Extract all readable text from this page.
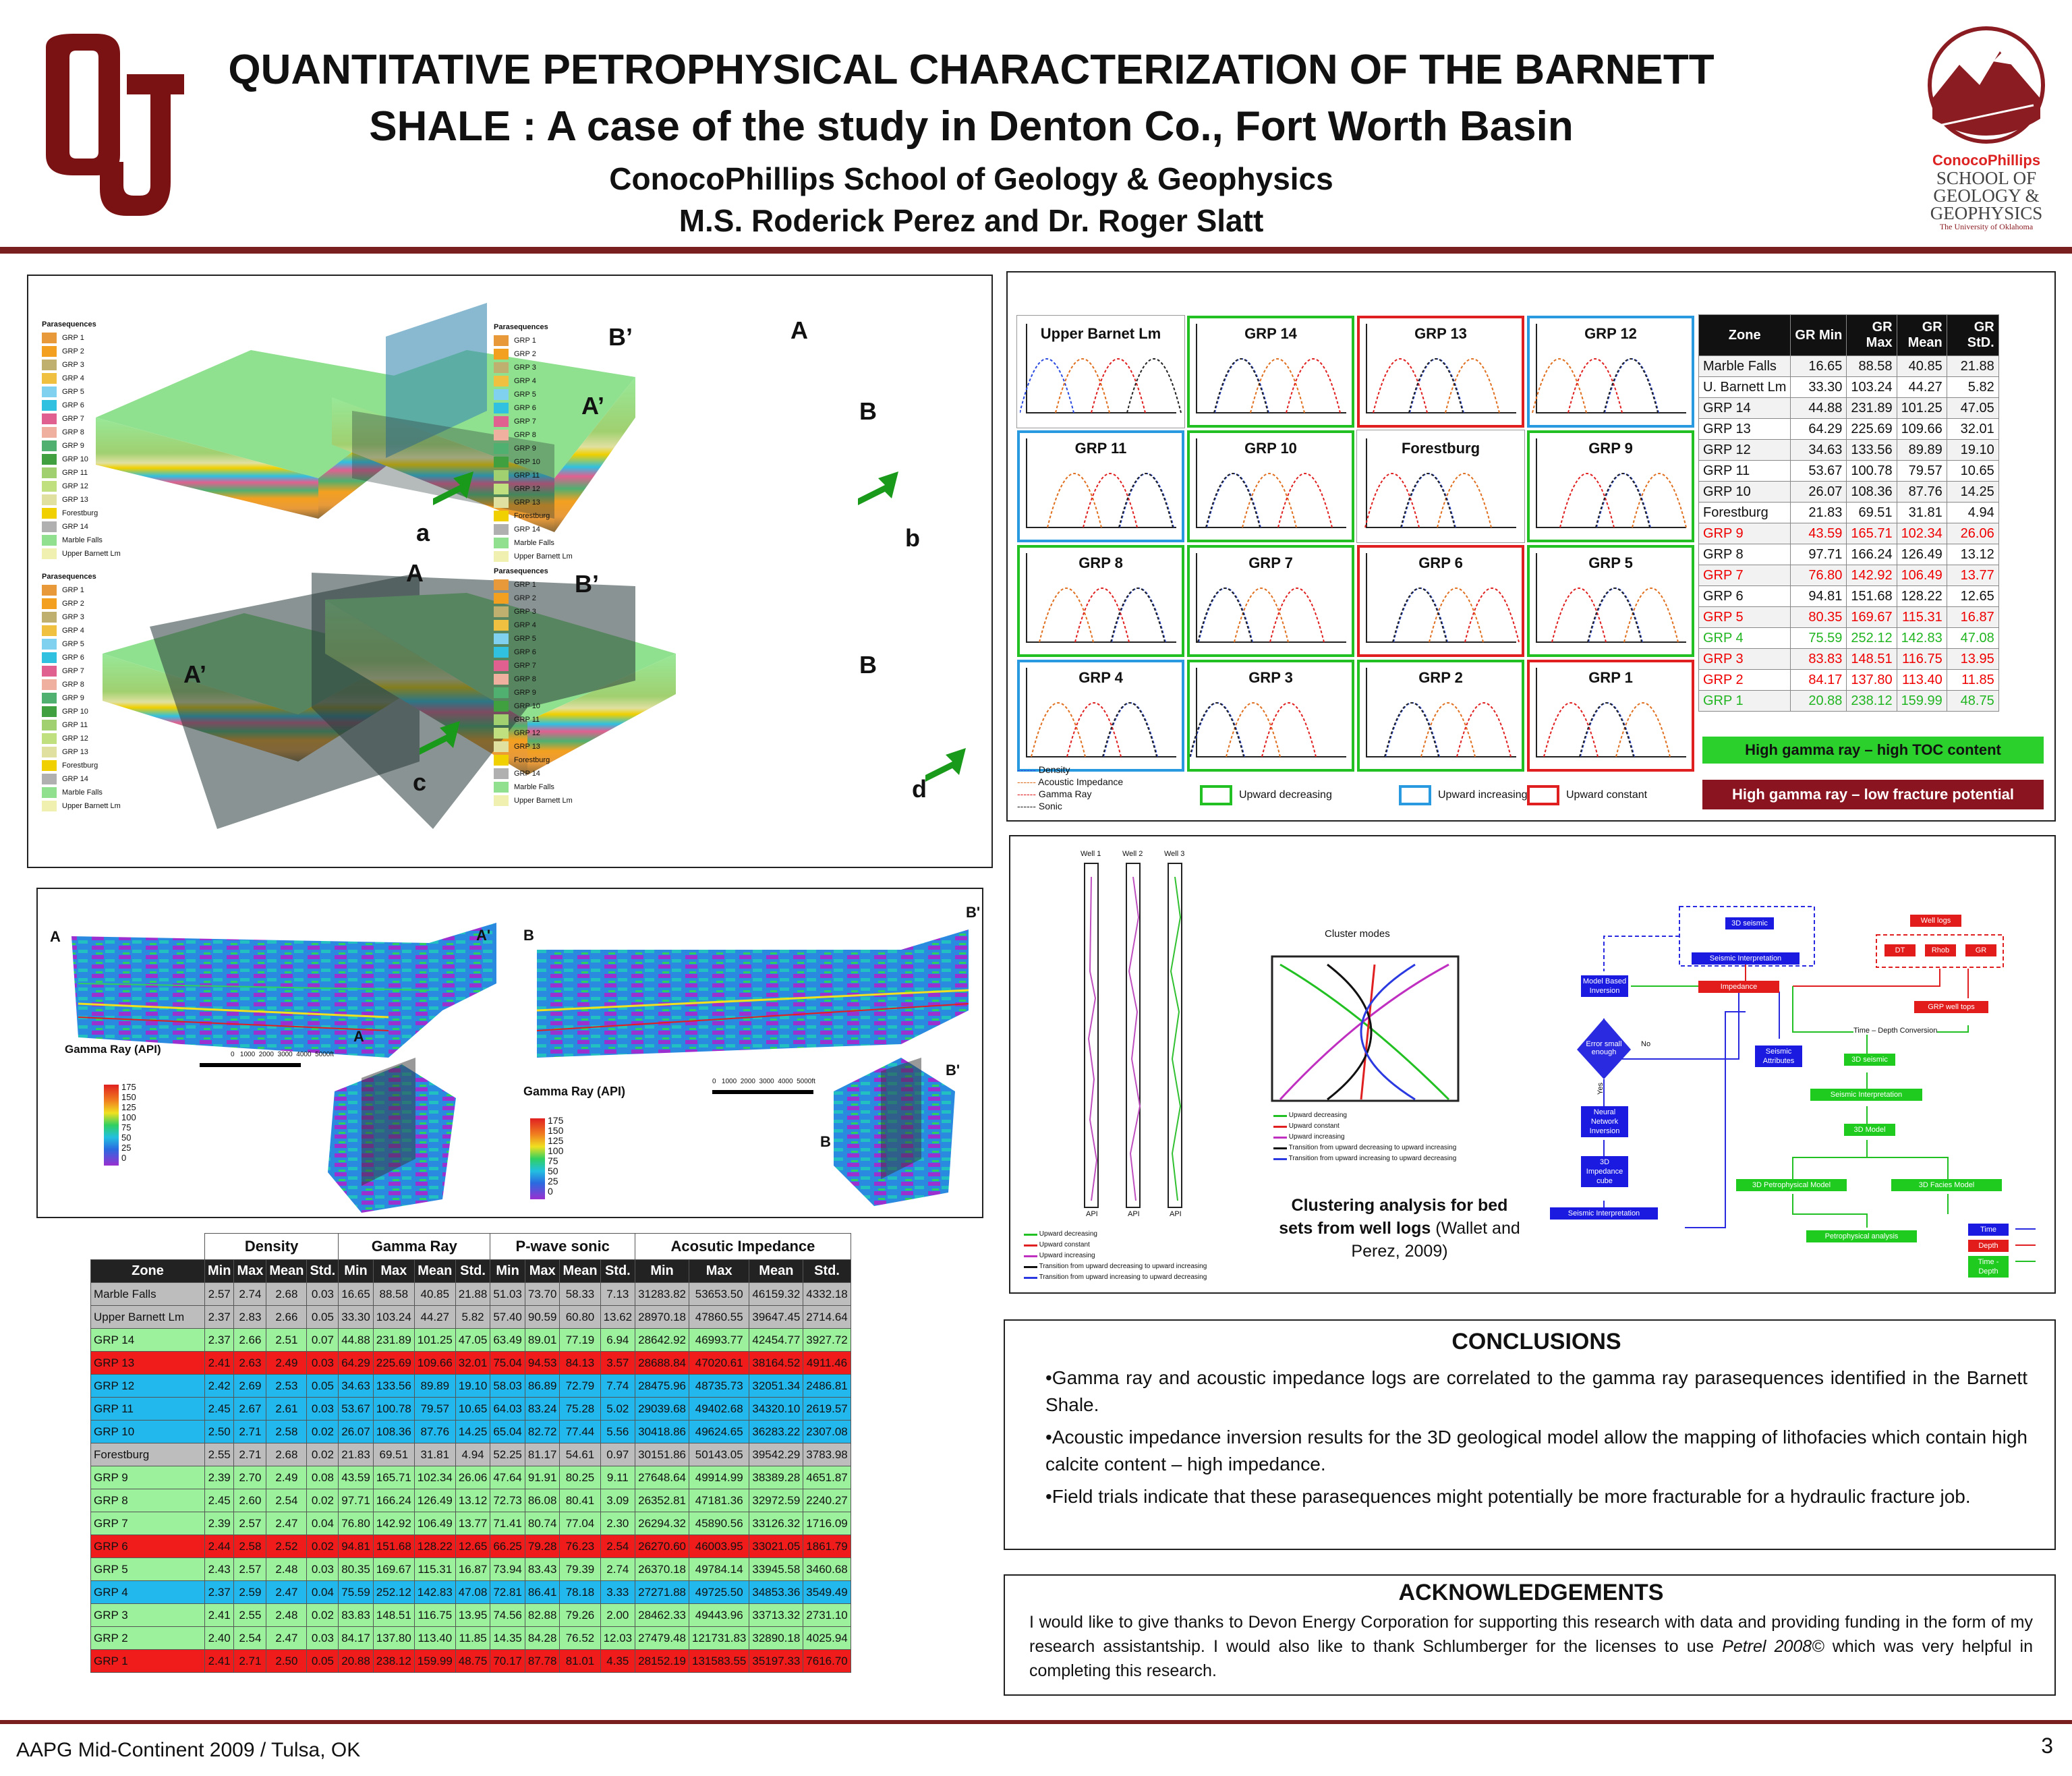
QUANTITATIVE PETROPHYSICAL CHARACTERIZATION OF THE BARNETT SHALE : A case of the study in Denton Co., Fort Worth Basin
ConocoPhillips School of Geology & Geophysics
M.S. Roderick Perez and Dr. Roger Slatt
ConocoPhillips
SCHOOL OF
GEOLOGY &
GEOPHYSICS
The University of Oklahoma
Parasequences
GRP 1
GRP 2
GRP 3
GRP 4
GRP 5
GRP 6
GRP 7
GRP 8
GRP 9
GRP 10
GRP 11
GRP 12
GRP 13
Forestburg
GRP 14
Marble Falls
Upper Barnett Lm
Parasequences
GRP 1
GRP 2
GRP 3
GRP 4
GRP 5
GRP 6
GRP 7
GRP 8
GRP 9
GRP 10
GRP 11
GRP 12
GRP 13
Forestburg
GRP 14
Marble Falls
Upper Barnett Lm
Parasequences
GRP 1
GRP 2
GRP 3
GRP 4
GRP 5
GRP 6
GRP 7
GRP 8
GRP 9
GRP 10
GRP 11
GRP 12
GRP 13
Forestburg
GRP 14
Marble Falls
Upper Barnett Lm
Parasequences
GRP 1
GRP 2
GRP 3
GRP 4
GRP 5
GRP 6
GRP 7
GRP 8
GRP 9
GRP 10
GRP 11
GRP 12
GRP 13
Forestburg
GRP 14
Marble Falls
Upper Barnett Lm
a	b
c	d
B’	A
A’	B
A
A’
B’
B
A	A'
A
B
B'
B'
B
Gamma Ray (API)
Gamma Ray (API)
175
150
125
100
75
50
25
0
175
150
125
100
75
50
25
0
0   1000  2000  3000  4000  5000ft
0   1000  2000  3000  4000  5000ft
	Density				Gamma Ray				P-wave sonic				Acosutic Impedance			
Zone	Min	Max	Mean	Std.	Min	Max	Mean	Std.	Min	Max	Mean	Std.	Min	Max	Mean	Std.
Marble Falls	2.57	2.74	2.68	0.03	16.65	88.58	40.85	21.88	51.03	73.70	58.33	7.13	31283.82	53653.50	46159.32	4332.18
Upper Barnett Lm	2.37	2.83	2.66	0.05	33.30	103.24	44.27	5.82	57.40	90.59	60.80	13.62	28970.18	47860.55	39647.45	2714.64
GRP 14	2.37	2.66	2.51	0.07	44.88	231.89	101.25	47.05	63.49	89.01	77.19	6.94	28642.92	46993.77	42454.77	3927.72
GRP 13	2.41	2.63	2.49	0.03	64.29	225.69	109.66	32.01	75.04	94.53	84.13	3.57	28688.84	47020.61	38164.52	4911.46
GRP 12	2.42	2.69	2.53	0.05	34.63	133.56	89.89	19.10	58.03	86.89	72.79	7.74	28475.96	48735.73	32051.34	2486.81
GRP 11	2.45	2.67	2.61	0.03	53.67	100.78	79.57	10.65	64.03	83.24	75.28	5.02	29039.68	49402.68	34320.10	2619.57
GRP 10	2.50	2.71	2.58	0.02	26.07	108.36	87.76	14.25	65.04	82.72	77.44	5.56	30418.86	49624.65	36283.22	2307.08
Forestburg	2.55	2.71	2.68	0.02	21.83	69.51	31.81	4.94	52.25	81.17	54.61	0.97	30151.86	50143.05	39542.29	3783.98
GRP 9	2.39	2.70	2.49	0.08	43.59	165.71	102.34	26.06	47.64	91.91	80.25	9.11	27648.64	49914.99	38389.28	4651.87
GRP 8	2.45	2.60	2.54	0.02	97.71	166.24	126.49	13.12	72.73	86.08	80.41	3.09	26352.81	47181.36	32972.59	2240.27
GRP 7	2.39	2.57	2.47	0.04	76.80	142.92	106.49	13.77	71.41	80.74	77.04	2.30	26294.32	45890.56	33126.32	1716.09
GRP 6	2.44	2.58	2.52	0.02	94.81	151.68	128.22	12.65	66.25	79.28	76.23	2.54	26270.60	46003.95	33021.05	1861.79
GRP 5	2.43	2.57	2.48	0.03	80.35	169.67	115.31	16.87	73.94	83.43	79.39	2.74	26370.18	49784.14	33945.58	3460.68
GRP 4	2.37	2.59	2.47	0.04	75.59	252.12	142.83	47.08	72.81	86.41	78.18	3.33	27271.88	49725.50	34853.36	3549.49
GRP 3	2.41	2.55	2.48	0.02	83.83	148.51	116.75	13.95	74.56	82.88	79.26	2.00	28462.33	49443.96	33713.32	2731.10
GRP 2	2.40	2.54	2.47	0.03	84.17	137.80	113.40	11.85	14.35	84.28	76.52	12.03	27479.48	121731.83	32890.18	4025.94
GRP 1	2.41	2.71	2.50	0.05	20.88	238.12	159.99	48.75	70.17	87.78	81.01	4.35	28152.19	131583.55	35197.33	7616.70
Upper Barnet Lm	GRP 14	GRP 13	GRP 12
GRP 11	GRP 10	Forestburg	GRP 9
GRP 8	GRP 7	GRP 6	GRP 5
GRP 4	GRP 3	GRP 2	GRP 1
------ Density
------ Acoustic Impedance
------ Gamma Ray
------ Sonic
Upward decreasing	Upward increasing	Upward constant
Zone	GR Min	GR Max	GR Mean	GR StD.
Marble Falls	16.65	88.58	40.85	21.88
U. Barnett Lm	33.30	103.24	44.27	5.82
GRP 14	44.88	231.89	101.25	47.05
GRP 13	64.29	225.69	109.66	32.01
GRP 12	34.63	133.56	89.89	19.10
GRP 11	53.67	100.78	79.57	10.65
GRP 10	26.07	108.36	87.76	14.25
Forestburg	21.83	69.51	31.81	4.94
GRP 9	43.59	165.71	102.34	26.06
GRP 8	97.71	166.24	126.49	13.12
GRP 7	76.80	142.92	106.49	13.77
GRP 6	94.81	151.68	128.22	12.65
GRP 5	80.35	169.67	115.31	16.87
GRP 4	75.59	252.12	142.83	47.08
GRP 3	83.83	148.51	116.75	13.95
GRP 2	84.17	137.80	113.40	11.85
GRP 1	20.88	238.12	159.99	48.75
High gamma ray – high TOC content
High gamma ray – low fracture potential
Well 1	Well 2	Well 3
API	API	API
▬▬ Upward decreasing
▬▬ Upward constant
▬▬ Upward increasing
▬▬ Transition from upward decreasing to upward increasing
▬▬ Transition from upward increasing to upward decreasing
Cluster modes
▬▬ Upward decreasing
▬▬ Upward constant
▬▬ Upward increasing
▬▬ Transition from upward decreasing to upward increasing
▬▬ Transition from upward increasing to upward decreasing
Clustering analysis for bed sets from well logs (Wallet and Perez, 2009)
3D seismic
Seismic Interpretation
Impedance
Model Based Inversion
Error small enough
No
Yes
Neural Network Inversion
3D Impedance cube
Seismic Interpretation
Seismic Attributes
Well logs
DT	Rhob	GR
GRP well tops
Time – Depth Conversion
3D seismic
Seismic Interpretation
3D Model
3D Petrophysical Model	3D Facies Model
Petrophysical analysis
Time
Depth
Time - Depth
CONCLUSIONS
•Gamma ray and acoustic impedance logs are correlated to the gamma ray parasequences identified in the Barnett Shale.
•Acoustic impedance inversion results for the 3D geological model allow the mapping of lithofacies which contain high calcite content – high impedance.
•Field trials indicate that these parasequences might potentially be more fracturable for a hydraulic fracture job.
ACKNOWLEDGEMENTS
I would like to give thanks to Devon Energy Corporation for supporting this research with data and providing funding in the form of my research assistantship. I would also like to thank Schlumberger for the licenses to use Petrel 2008© which was very helpful in completing this research.
AAPG Mid-Continent 2009 / Tulsa, OK	3
